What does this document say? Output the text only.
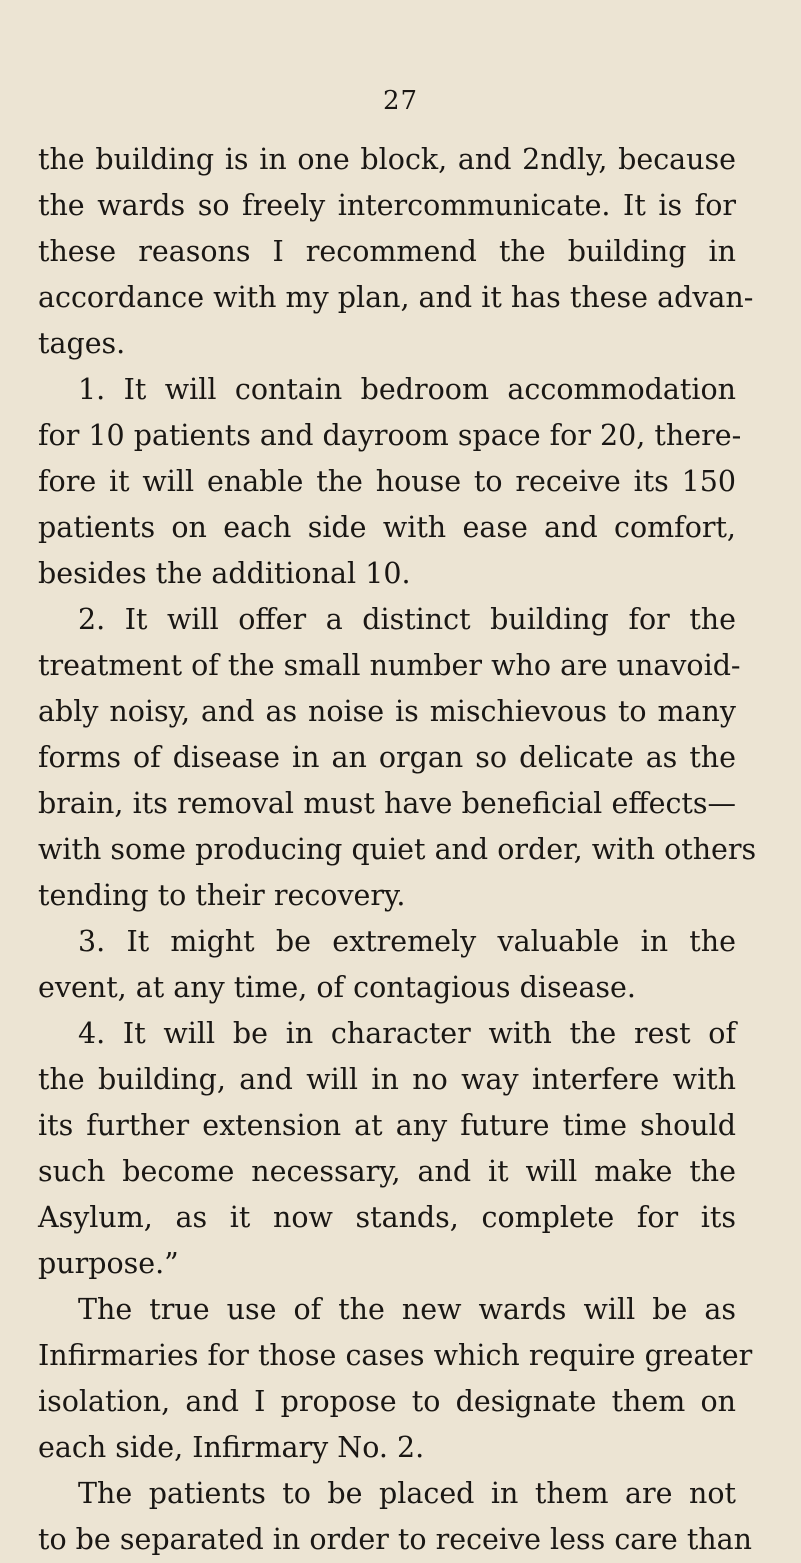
27
the building is in one block, and 2ndly, because
the wards so freely intercommunicate. It is for
these reasons I recommend the building in
accordance with my plan, and it has these advan-
tages.
1. It will contain bedroom accommodation
for 10 patients and dayroom space for 20, there-
fore it will enable the house to receive its 150
patients on each side with ease and comfort,
besides the additional 10.
2. It will offer a distinct building for the
treatment of the small number who are unavoid-
ably noisy, and as noise is mischievous to many
forms of disease in an organ so delicate as the
brain, its removal must have beneficial effects—
with some producing quiet and order, with others
tending to their recovery.
3. It might be extremely valuable in the
event, at any time, of contagious disease.
4. It will be in character with the rest of
the building, and will in no way interfere with
its further extension at any future time should
such become necessary, and it will make the
Asylum, as it now stands, complete for its
purpose.”
The true use of the new wards will be as
Infirmaries for those cases which require greater
isolation, and I propose to designate them on
each side, Infirmary No. 2.
The patients to be placed in them are not
to be separated in order to receive less care than
